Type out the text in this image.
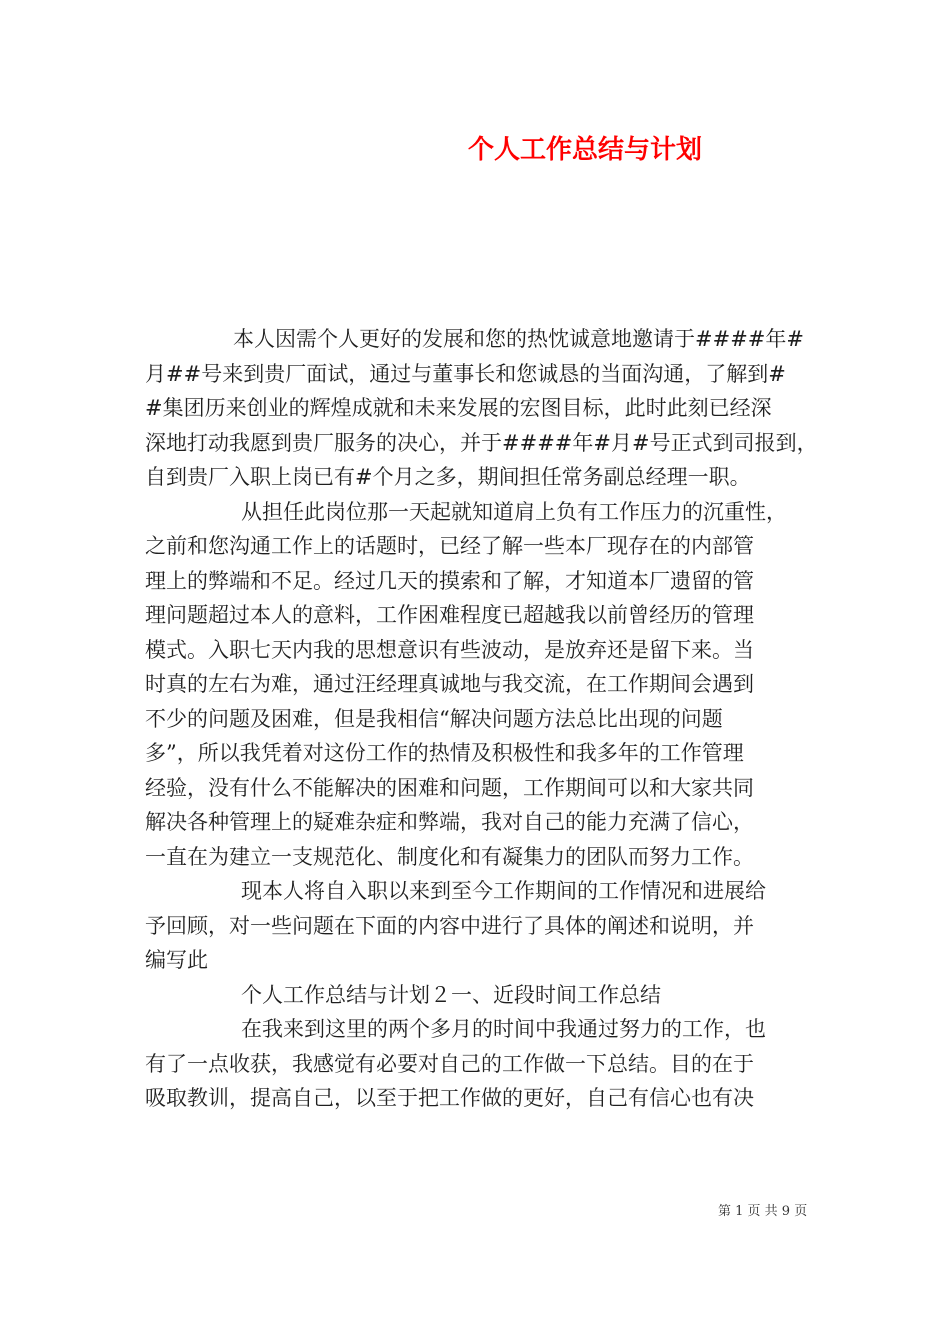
个人工作总结与计划
本人因需个人更好的发展和您的热忱诚意地邀请于####年#
月##号来到贵厂面试，通过与董事长和您诚恳的当面沟通，了解到#
#集团历来创业的辉煌成就和未来发展的宏图目标，此时此刻已经深
深地打动我愿到贵厂服务的决心，并于####年#月#号正式到司报到，
自到贵厂入职上岗已有#个月之多，期间担任常务副总经理一职。
从担任此岗位那一天起就知道肩上负有工作压力的沉重性，
之前和您沟通工作上的话题时，已经了解一些本厂现存在的内部管
理上的弊端和不足。经过几天的摸索和了解，才知道本厂遗留的管
理问题超过本人的意料，工作困难程度已超越我以前曾经历的管理
模式。入职七天内我的思想意识有些波动，是放弃还是留下来。当
时真的左右为难，通过汪经理真诚地与我交流，在工作期间会遇到
不少的问题及困难，但是我相信“解决问题方法总比出现的问题
多”，所以我凭着对这份工作的热情及积极性和我多年的工作管理
经验，没有什么不能解决的困难和问题，工作期间可以和大家共同
解决各种管理上的疑难杂症和弊端，我对自己的能力充满了信心，
一直在为建立一支规范化、制度化和有凝集力的团队而努力工作。
现本人将自入职以来到至今工作期间的工作情况和进展给
予回顾，对一些问题在下面的内容中进行了具体的阐述和说明，并
编写此
个人工作总结与计划２一、近段时间工作总结
在我来到这里的两个多月的时间中我通过努力的工作，也
有了一点收获，我感觉有必要对自己的工作做一下总结。目的在于
吸取教训，提高自己，以至于把工作做的更好，自己有信心也有决
第 1 页 共 9 页
